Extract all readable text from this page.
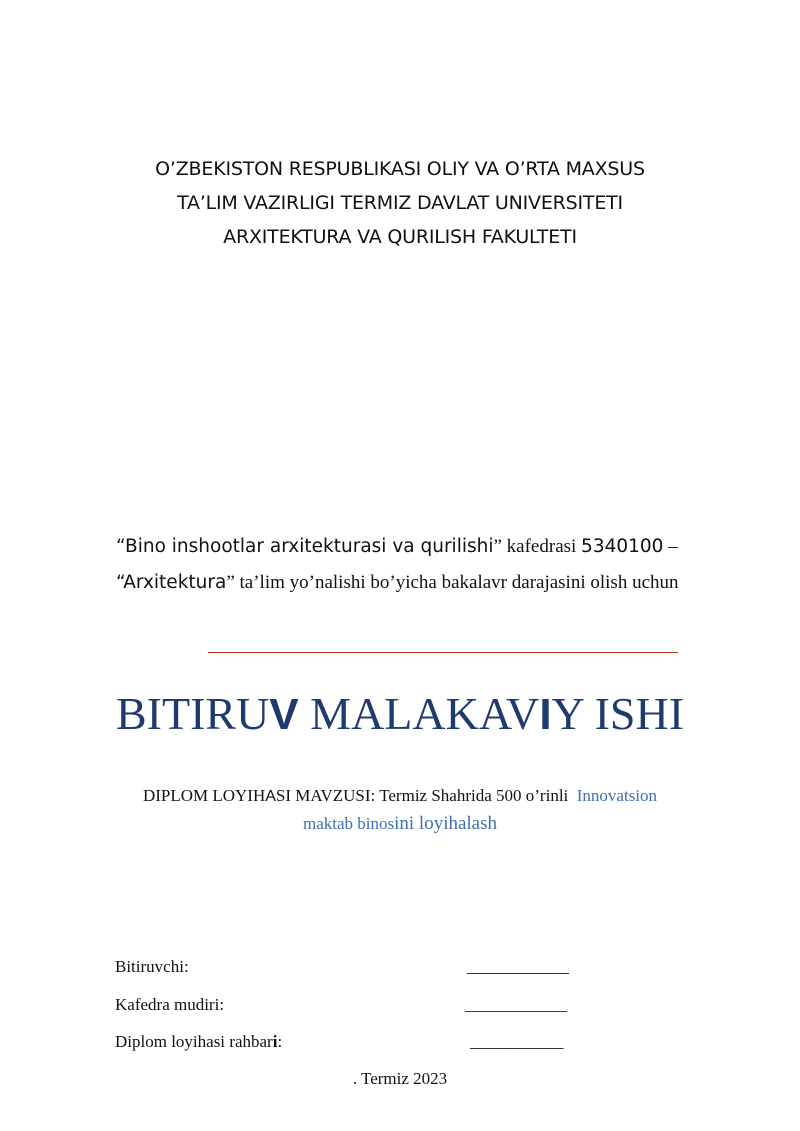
O’ZBEKISTON RESPUBLIKASI OLIY VA O’RTA MAXSUS
TA’LIM VAZIRLIGI TERMIZ DAVLAT UNIVERSITETI
ARXITEKTURA VA QURILISH FAKULTETI
“Bino inshootlar arxitekturasi va qurilishi” kafedrasi 5340100 –
“Arxitektura” ta’lim yo’nalishi bo’yicha bakalavr darajasini olish uchun
BITIRUV MALAKAVIY ISHI
DIPLOM LOYIHASI MAVZUSI: Termiz Shahrida 500 o’rinli Innovatsion
maktab binosini loyihalash
Bitiruvchi:	____________
Kafedra mudiri:	____________
Diplom loyihasi rahbari:	___________
. Termiz 2023
